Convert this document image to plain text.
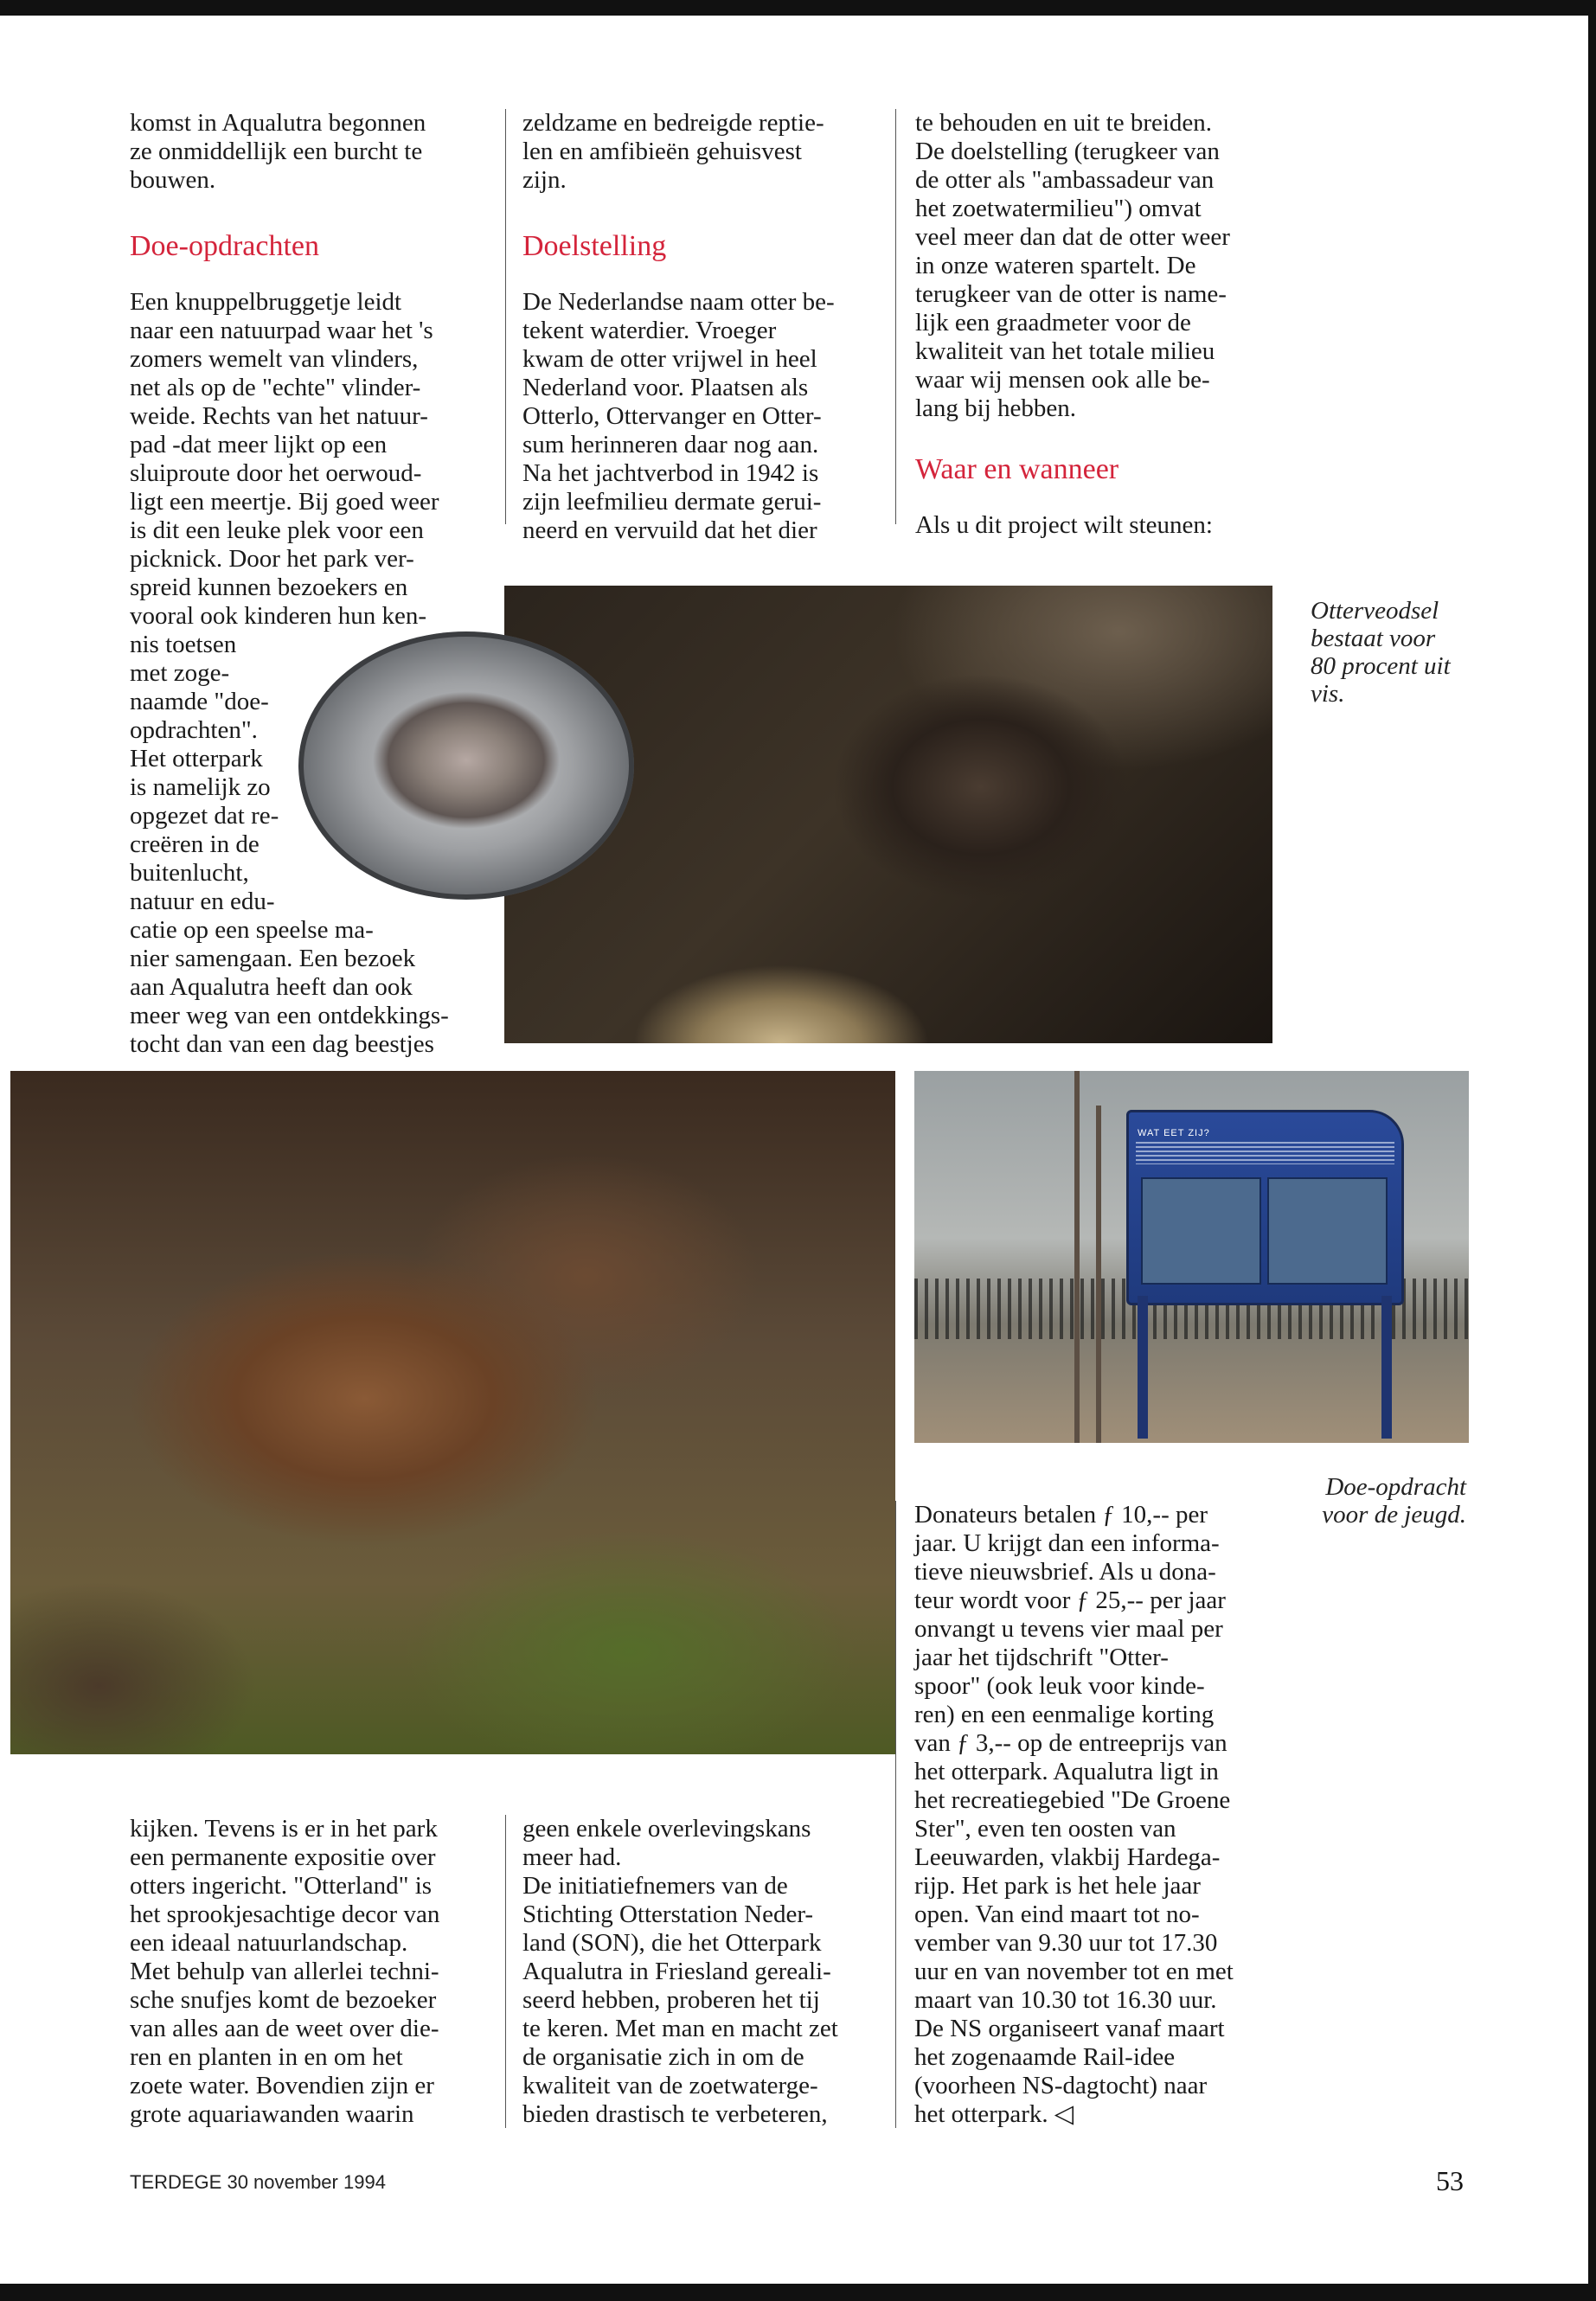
komst in Aqualutra begonnen
ze onmiddellijk een burcht te
bouwen.

Doe-opdrachten

Een knuppelbruggetje leidt
naar een natuurpad waar het 's
zomers wemelt van vlinders,
net als op de "echte" vlinder-
weide. Rechts van het natuur-
pad -dat meer lijkt op een
sluiproute door het oerwoud-
ligt een meertje. Bij goed weer
is dit een leuke plek voor een
picknick. Door het park ver-
spreid kunnen bezoekers en
vooral ook kinderen hun ken-
nis toetsen
met zoge-
naamde "doe-
opdrachten".
Het otterpark
is namelijk zo
opgezet dat re-
creëren in de
buitenlucht,
natuur en edu-
catie op een speelse ma-
nier samengaan. Een bezoek
aan Aqualutra heeft dan ook
meer weg van een ontdekkings-
tocht dan van een dag beestjes

zeldzame en bedreigde reptie-
len en amfibieën gehuisvest
zijn.

Doelstelling

De Nederlandse naam otter be-
tekent waterdier. Vroeger
kwam de otter vrijwel in heel
Nederland voor. Plaatsen als
Otterlo, Ottervanger en Otter-
sum herinneren daar nog aan.
Na het jachtverbod in 1942 is
zijn leefmilieu dermate gerui-
neerd en vervuild dat het dier

te behouden en uit te breiden.
De doelstelling (terugkeer van
de otter als "ambassadeur van
het zoetwatermilieu") omvat
veel meer dan dat de otter weer
in onze wateren spartelt. De
terugkeer van de otter is name-
lijk een graadmeter voor de
kwaliteit van het totale milieu
waar wij mensen ook alle be-
lang bij hebben.

Waar en wanneer

Als u dit project wilt steunen:

Otterveodsel
bestaat voor
80 procent uit
vis.
WAT EET ZIJ?
Doe-opdracht
voor de jeugd.

Donateurs betalen ƒ 10,-- per
jaar. U krijgt dan een informa-
tieve nieuwsbrief. Als u dona-
teur wordt voor ƒ 25,-- per jaar
onvangt u tevens vier maal per
jaar het tijdschrift "Otter-
spoor" (ook leuk voor kinde-
ren) en een eenmalige korting
van ƒ 3,-- op de entreeprijs van
het otterpark. Aqualutra ligt in
het recreatiegebied "De Groene
Ster", even ten oosten van
Leeuwarden, vlakbij Hardega-
rijp. Het park is het hele jaar
open. Van eind maart tot no-
vember van 9.30 uur tot 17.30
uur en van november tot en met
maart van 10.30 tot 16.30 uur.
De NS organiseert vanaf maart
het zogenaamde Rail-idee
(voorheen NS-dagtocht) naar
het otterpark. ◁

kijken. Tevens is er in het park
een permanente expositie over
otters ingericht. "Otterland" is
het sprookjesachtige decor van
een ideaal natuurlandschap.
Met behulp van allerlei techni-
sche snufjes komt de bezoeker
van alles aan de weet over die-
ren en planten in en om het
zoete water. Bovendien zijn er
grote aquariawanden waarin

geen enkele overlevingskans
meer had.
De initiatiefnemers van de
Stichting Otterstation Neder-
land (SON), die het Otterpark
Aqualutra in Friesland gereali-
seerd hebben, proberen het tij
te keren. Met man en macht zet
de organisatie zich in om de
kwaliteit van de zoetwaterge-
bieden drastisch te verbeteren,

TERDEGE 30 november 1994	53
